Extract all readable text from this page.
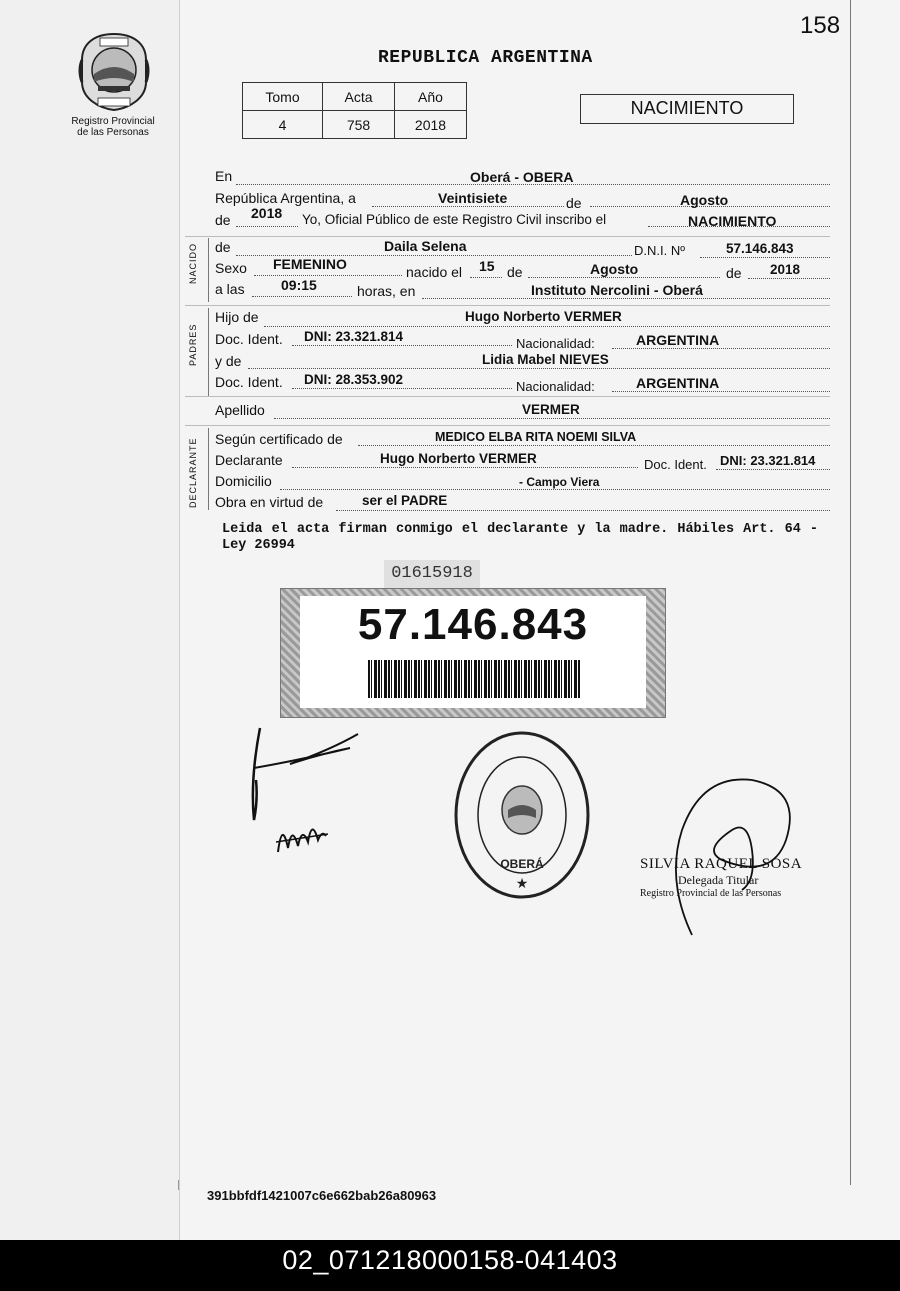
158
Registro Provincial
de las Personas
REPUBLICA ARGENTINA
Tomo	Acta	Año
4	758	2018
NACIMIENTO
En	Oberá - OBERA
República Argentina, a	Veintisiete	de	Agosto
de 2018 Yo, Oficial Público de este Registro Civil inscribo el	NACIMIENTO
NACIDO de	Daila Selena	D.N.I. Nº	57.146.843
Sexo FEMENINO	nacido el 15 de	Agosto	de 2018
a las	09:15	horas, en	Instituto Nercolini - Oberá
PADRES
Hijo de	Hugo Norberto VERMER
Doc. Ident. DNI: 23.321.814	Nacionalidad:	ARGENTINA
y de	Lidia Mabel NIEVES
Doc. Ident. DNI: 28.353.902	Nacionalidad:	ARGENTINA
Apellido	VERMER
DECLARANTE Según certificado de	MEDICO ELBA RITA NOEMI SILVA
Declarante	Hugo Norberto VERMER	Doc. Ident. DNI: 23.321.814
Domicilio	- Campo Viera
Obra en virtud de	ser el PADRE
Leida el acta firman conmigo el declarante y la madre. Hábiles Art. 64 - Ley 26994
01615918
57.146.843
OBERÁ
★
SILVIA RAQUEL SOSA
Delegada Titular
Registro Provincial de las Personas
391bbfdf1421007c6e662bab26a80963
02_071218000158-041403
